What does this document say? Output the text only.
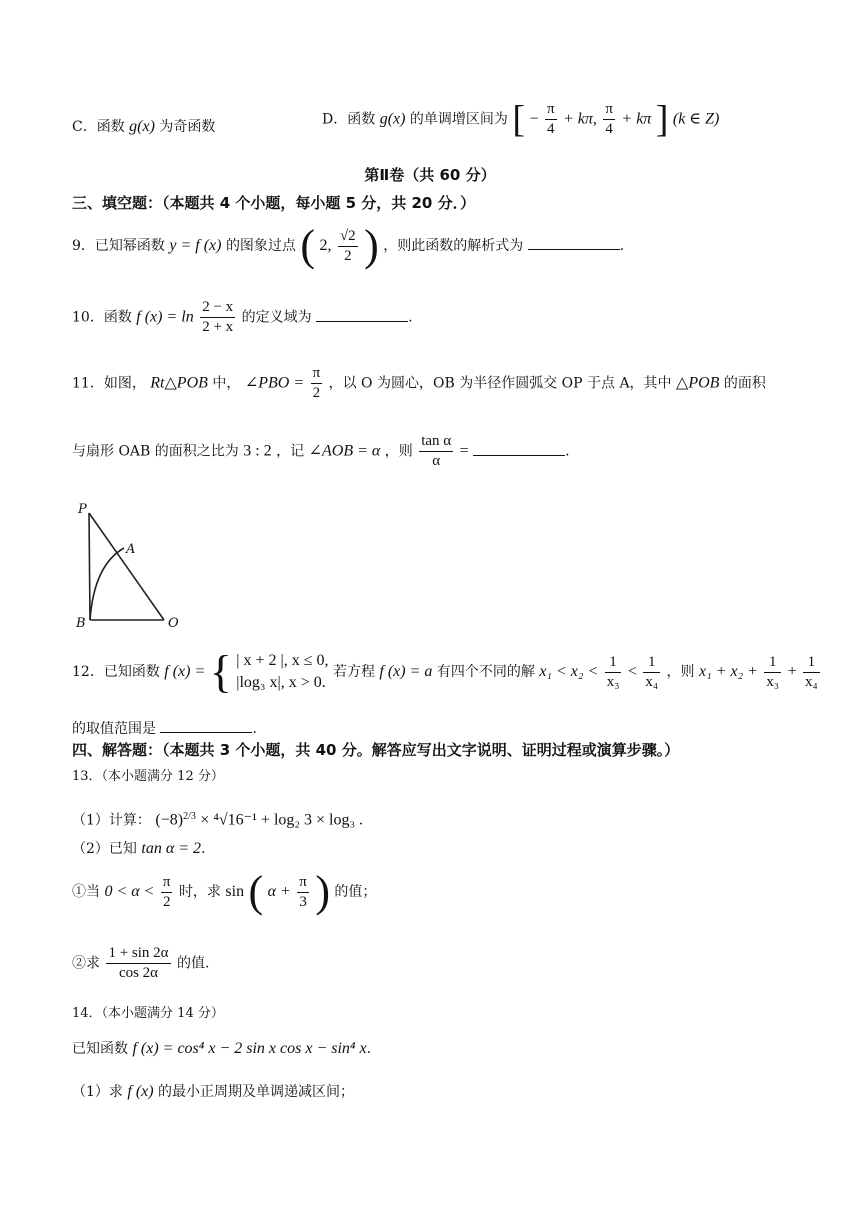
C．函数 g(x) 为奇函数	D．函数 g(x) 的单调增区间为 [ − $\frac{\pi}{4} + k\pi$, $\frac{\pi}{4} + k\pi$ ] (k ∈ Z)
第Ⅱ卷（共 60 分）
三、填空题：（本题共 4 个小题，每小题 5 分，共 20 分．）
9．已知幂函数 y = f (x) 的图象过点 ( 2, $\frac{√2}{2}$ ) ，则此函数的解析式为	.
10．函数 f $(x) = \ln \frac{2 - x}{2 + x}$ 的定义域为	.
11．如图， Rt△POB 中， ∠PBO = $\frac{\pi}{2}$ ，以 O 为圆心，OB 为半径作圆弧交 OP 于点 A，其中 △POB 的面积
与扇形 OAB 的面积之比为 3 : 2 ，记 ∠AOB = α ，则 $\frac{\text{tan α}}{\alpha}$ =	.
P
A
B	O
12．已知函数 f (x) = { | x + 2 |, x ≤ 0,
|log₃ x|, x > 0.
若方程 f (x) = a 有四个不同的解 $x_1 < x_2 < \frac{1}{\text{x₃}} < \frac{1}{\text{x₄}}$ ，则 $x_1 + x_2 + \frac{1}{\text{x₃}} + \frac{1}{\text{x₄}}$
的取值范围是	.
四、解答题：（本题共 3 个小题，共 40 分。解答应写出文字说明、证明过程或演算步骤。）
13．（本小题满分 12 分）
（1）计算： $(-8)^{2/3} \times ^4√16^{-1} + \log_2$ 3 × log₃ .
（2）已知 tan α = 2.
①当 $0 < \alpha < \frac{\pi}{2}$ 时，求 sin ( $\alpha + \frac{\pi}{3}$ ) 的值；
②求 $\frac{1 + \sin 2\alpha}{\cos 2\alpha}$ 的值.
14．（本小题满分 14 分）
已知函数 f (x) = cos⁴ x − 2 sin x cos x − sin⁴ x.
（1）求 f (x) 的最小正周期及单调递减区间；
